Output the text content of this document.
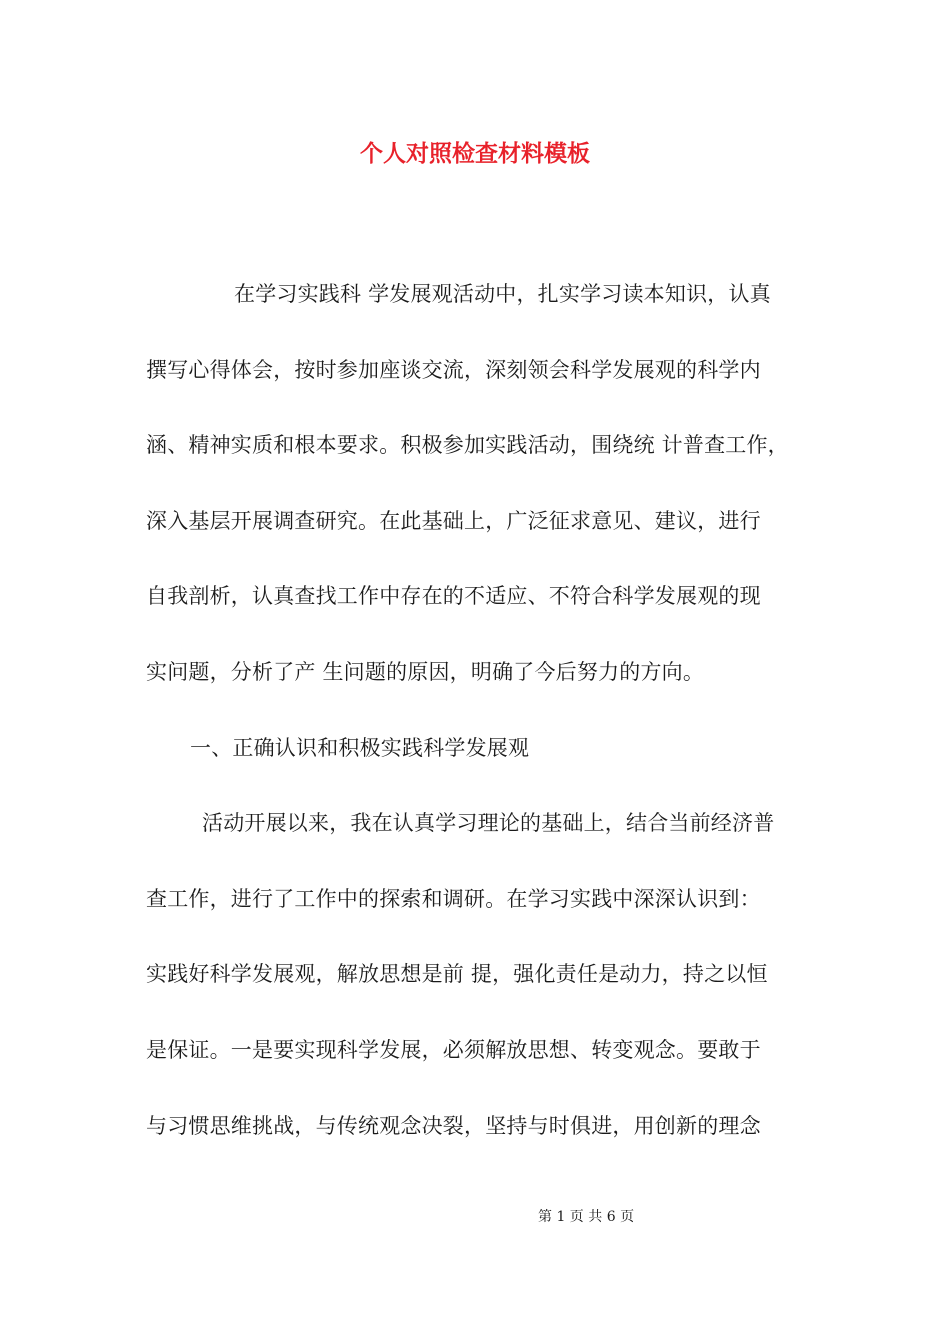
个人对照检查材料模板
在学习实践科 学发展观活动中，扎实学习读本知识，认真
撰写心得体会，按时参加座谈交流，深刻领会科学发展观的科学内
涵、精神实质和根本要求。积极参加实践活动，围绕统 计普查工作，
深入基层开展调查研究。在此基础上，广泛征求意见、建议，进行
自我剖析，认真查找工作中存在的不适应、不符合科学发展观的现
实问题，分析了产 生问题的原因，明确了今后努力的方向。
一、正确认识和积极实践科学发展观
活动开展以来，我在认真学习理论的基础上，结合当前经济普
查工作，进行了工作中的探索和调研。在学习实践中深深认识到：
实践好科学发展观，解放思想是前 提，强化责任是动力，持之以恒
是保证。一是要实现科学发展，必须解放思想、转变观念。要敢于
与习惯思维挑战，与传统观念决裂，坚持与时俱进，用创新的理念
第 1 页 共 6 页
